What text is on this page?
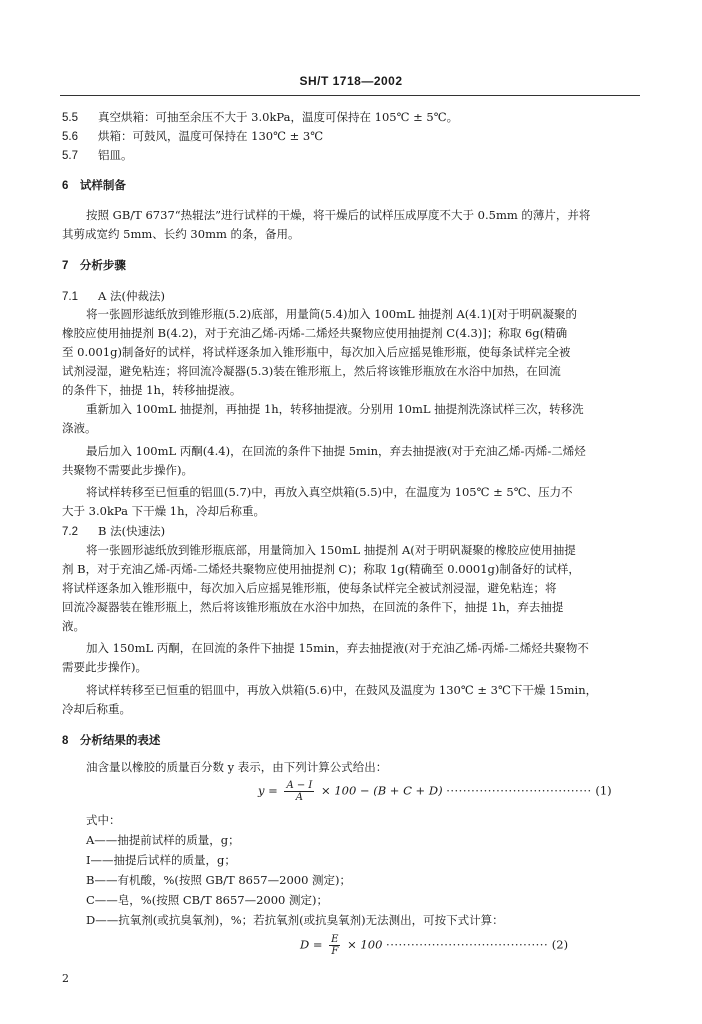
SH/T 1718—2002
5.5 真空烘箱：可抽至余压不大于 3.0kPa，温度可保持在 105℃ ± 5℃。
5.6 烘箱：可鼓风，温度可保持在 130℃ ± 3℃
5.7 铝皿。
6　试样制备
按照 GB/T 6737“热辊法”进行试样的干燥，将干燥后的试样压成厚度不大于 0.5mm 的薄片，并将
其剪成宽约 5mm、长约 30mm 的条，备用。
7　分析步骤
7.1 A 法(仲裁法)
将一张圆形滤纸放到锥形瓶(5.2)底部，用量筒(5.4)加入 100mL 抽提剂 A(4.1)[对于明矾凝聚的
橡胶应使用抽提剂 B(4.2)，对于充油乙烯-丙烯-二烯烃共聚物应使用抽提剂 C(4.3)]；称取 6g(精确
至 0.001g)制备好的试样，将试样逐条加入锥形瓶中，每次加入后应摇晃锥形瓶，使每条试样完全被
试剂浸湿，避免粘连；将回流冷凝器(5.3)装在锥形瓶上，然后将该锥形瓶放在水浴中加热，在回流
的条件下，抽提 1h，转移抽提液。
重新加入 100mL 抽提剂，再抽提 1h，转移抽提液。分别用 10mL 抽提剂洗涤试样三次，转移洗
涤液。
最后加入 100mL 丙酮(4.4)，在回流的条件下抽提 5min，弃去抽提液(对于充油乙烯-丙烯-二烯烃
共聚物不需要此步操作)。
将试样转移至已恒重的铝皿(5.7)中，再放入真空烘箱(5.5)中，在温度为 105℃ ± 5℃、压力不
大于 3.0kPa 下干燥 1h，冷却后称重。
7.2 B 法(快速法)
将一张圆形滤纸放到锥形瓶底部，用量筒加入 150mL 抽提剂 A(对于明矾凝聚的橡胶应使用抽提
剂 B，对于充油乙烯-丙烯-二烯烃共聚物应使用抽提剂 C)；称取 1g(精确至 0.0001g)制备好的试样，
将试样逐条加入锥形瓶中，每次加入后应摇晃锥形瓶，使每条试样完全被试剂浸湿，避免粘连；将
回流冷凝器装在锥形瓶上，然后将该锥形瓶放在水浴中加热，在回流的条件下，抽提 1h，弃去抽提
液。
加入 150mL 丙酮，在回流的条件下抽提 15min，弃去抽提液(对于充油乙烯-丙烯-二烯烃共聚物不
需要此步操作)。
将试样转移至已恒重的铝皿中，再放入烘箱(5.6)中，在鼓风及温度为 130℃ ± 3℃下干燥 15min，
冷却后称重。
8　分析结果的表述
油含量以橡胶的质量百分数 y 表示，由下列计算公式给出：
$y = \frac{A - I}{A} \times 100 - (B + C + D)$ ··································· (1)
式中：
A——抽提前试样的质量，g；
I——抽提后试样的质量，g；
B——有机酸，%(按照 GB/T 8657—2000 测定)；
C——皂，%(按照 CB/T 8657—2000 测定)；
D——抗氧剂(或抗臭氧剂)，%；若抗氧剂(或抗臭氧剂)无法测出，可按下式计算：
$D = \frac{E}{F} \times 100$ ······································· (2)
2
